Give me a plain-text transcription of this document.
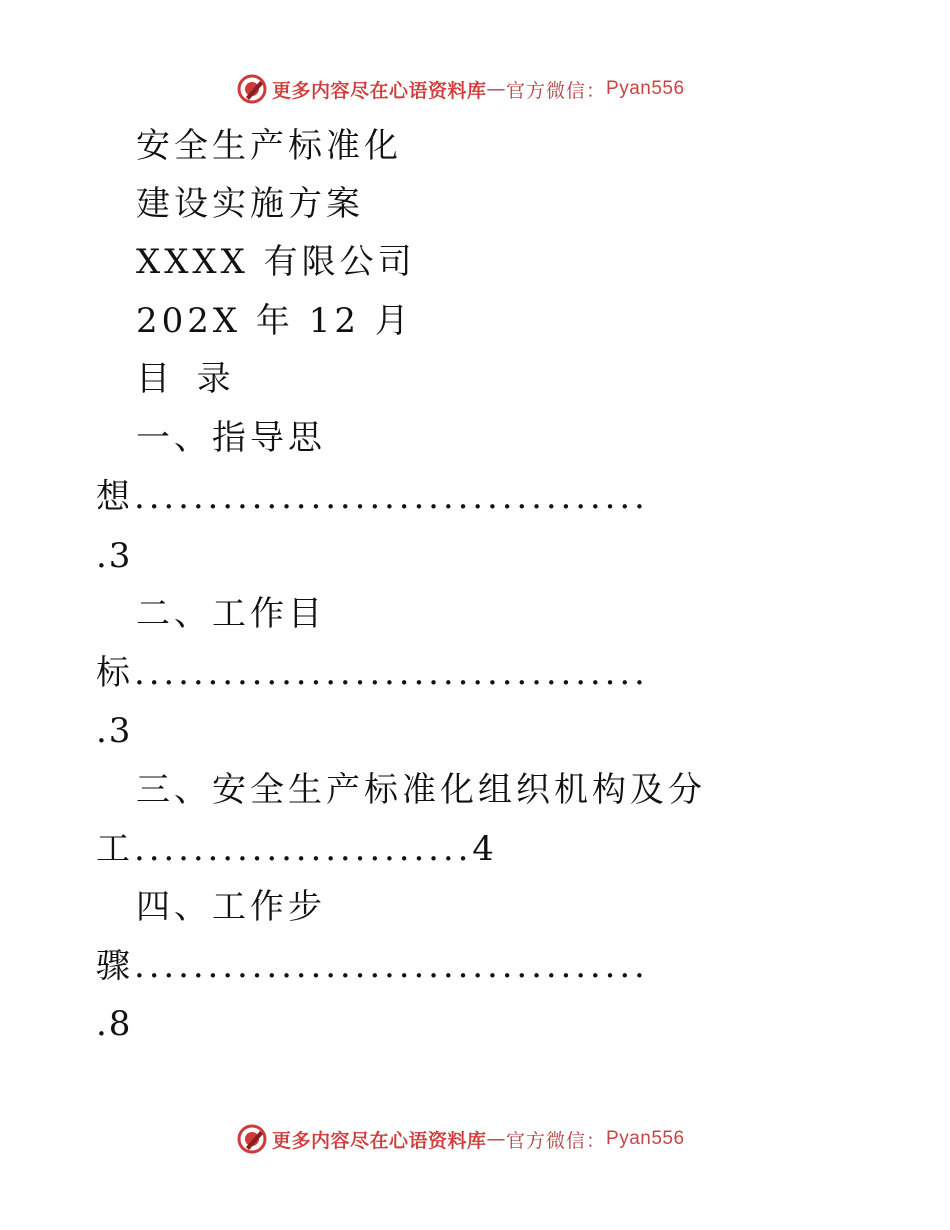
更多内容尽在心语资料库 — 官方微信： Pyan556
安全生产标准化
建设实施方案
XXXX 有限公司
202X 年 12 月
目 录
一、指导思
想...................................
.3
二、工作目
标...................................
.3
三、安全生产标准化组织机构及分
工.......................4
四、工作步
骤...................................
.8
更多内容尽在心语资料库 — 官方微信： Pyan556
